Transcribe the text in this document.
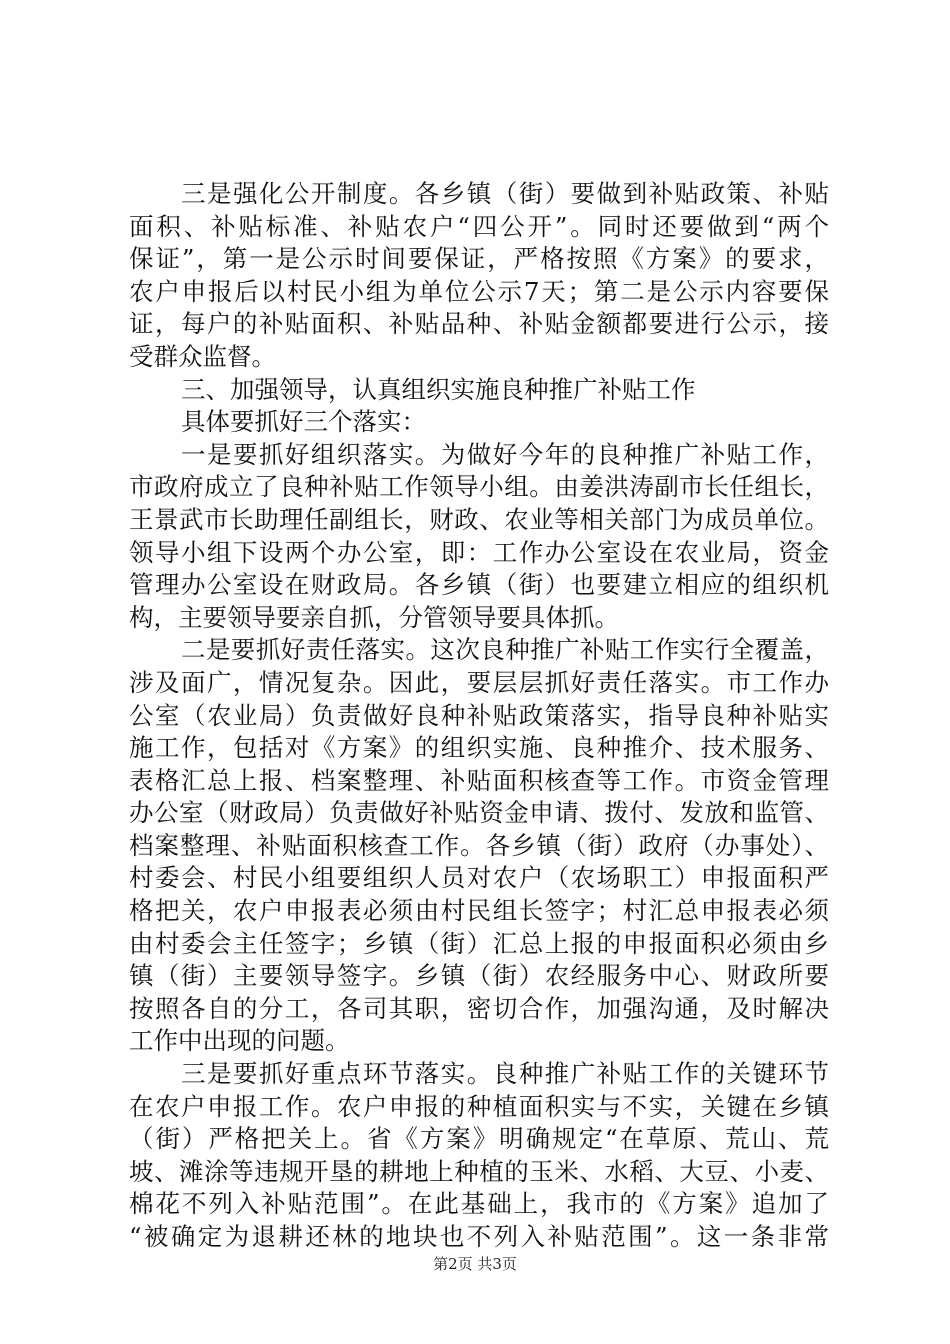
三是强化公开制度。各乡镇（街）要做到补贴政策、补贴
面积、补贴标准、补贴农户“四公开”。同时还要做到“两个
保证”，第一是公示时间要保证，严格按照《方案》的要求，
农户申报后以村民小组为单位公示7天；第二是公示内容要保
证，每户的补贴面积、补贴品种、补贴金额都要进行公示，接
受群众监督。
三、加强领导，认真组织实施良种推广补贴工作
具体要抓好三个落实：
一是要抓好组织落实。为做好今年的良种推广补贴工作，
市政府成立了良种补贴工作领导小组。由姜洪涛副市长任组长，
王景武市长助理任副组长，财政、农业等相关部门为成员单位。
领导小组下设两个办公室，即：工作办公室设在农业局，资金
管理办公室设在财政局。各乡镇（街）也要建立相应的组织机
构，主要领导要亲自抓，分管领导要具体抓。
二是要抓好责任落实。这次良种推广补贴工作实行全覆盖，
涉及面广，情况复杂。因此，要层层抓好责任落实。市工作办
公室（农业局）负责做好良种补贴政策落实，指导良种补贴实
施工作，包括对《方案》的组织实施、良种推介、技术服务、
表格汇总上报、档案整理、补贴面积核查等工作。市资金管理
办公室（财政局）负责做好补贴资金申请、拨付、发放和监管、
档案整理、补贴面积核查工作。各乡镇（街）政府（办事处）、
村委会、村民小组要组织人员对农户（农场职工）申报面积严
格把关，农户申报表必须由村民组长签字；村汇总申报表必须
由村委会主任签字；乡镇（街）汇总上报的申报面积必须由乡
镇（街）主要领导签字。乡镇（街）农经服务中心、财政所要
按照各自的分工，各司其职，密切合作，加强沟通，及时解决
工作中出现的问题。
三是要抓好重点环节落实。良种推广补贴工作的关键环节
在农户申报工作。农户申报的种植面积实与不实，关键在乡镇
（街）严格把关上。省《方案》明确规定“在草原、荒山、荒
坡、滩涂等违规开垦的耕地上种植的玉米、水稻、大豆、小麦、
棉花不列入补贴范围”。在此基础上，我市的《方案》追加了
“被确定为退耕还林的地块也不列入补贴范围”。这一条非常
第2页 共3页
